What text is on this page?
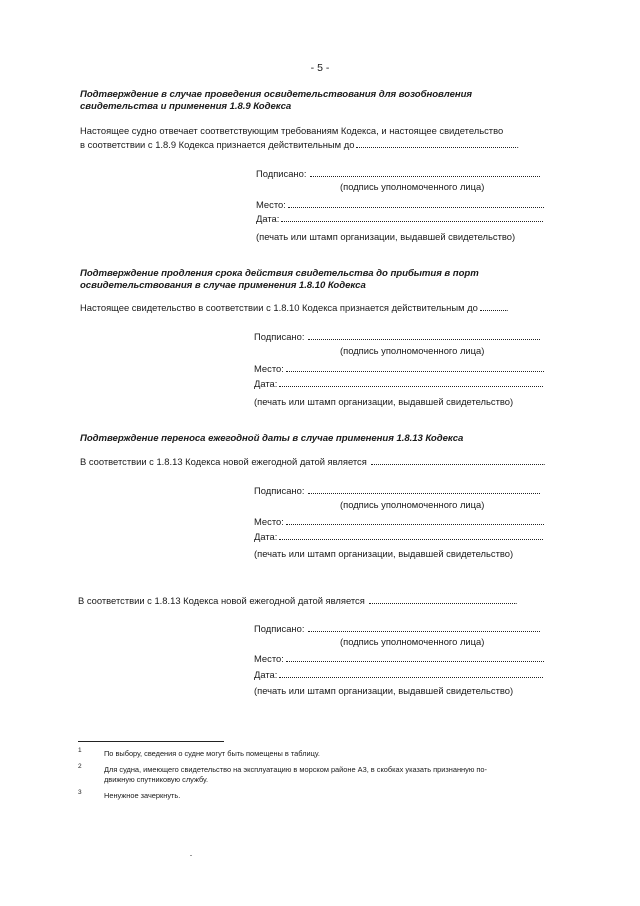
- 5 -
Подтверждение в случае проведения освидетельствования для возобновления
свидетельства и применения 1.8.9 Кодекса
Настоящее судно отвечает соответствующим требованиям Кодекса, и настоящее свидетельство
в соответствии с 1.8.9 Кодекса признается действительным до	.
Подписано:
(подпись уполномоченного лица)
Место:
Дата:
(печать или штамп организации, выдавшей свидетельство)
Подтверждение продления срока действия свидетельства до прибытия в порт
освидетельствования в случае применения 1.8.10 Кодекса
Настоящее свидетельство в соответствии с 1.8.10 Кодекса признается действительным до	.
Подписано:
(подпись уполномоченного лица)
Место:
Дата:
(печать или штамп организации, выдавшей свидетельство)
Подтверждение переноса ежегодной даты в случае применения 1.8.13 Кодекса
В соответствии с 1.8.13 Кодекса новой ежегодной датой является	.
Подписано:
(подпись уполномоченного лица)
Место:
Дата:
(печать или штамп организации, выдавшей свидетельство)
В соответствии с 1.8.13 Кодекса новой ежегодной датой является	.
Подписано:
(подпись уполномоченного лица)
Место:
Дата:
(печать или штамп организации, выдавшей свидетельство)
1	По выбору, сведения о судне могут быть помещены в таблицу.
2	Для судна, имеющего свидетельство на эксплуатацию в морском районе А3, в скобках указать признанную по-
движную спутниковую службу.
3	Ненужное зачеркнуть.
